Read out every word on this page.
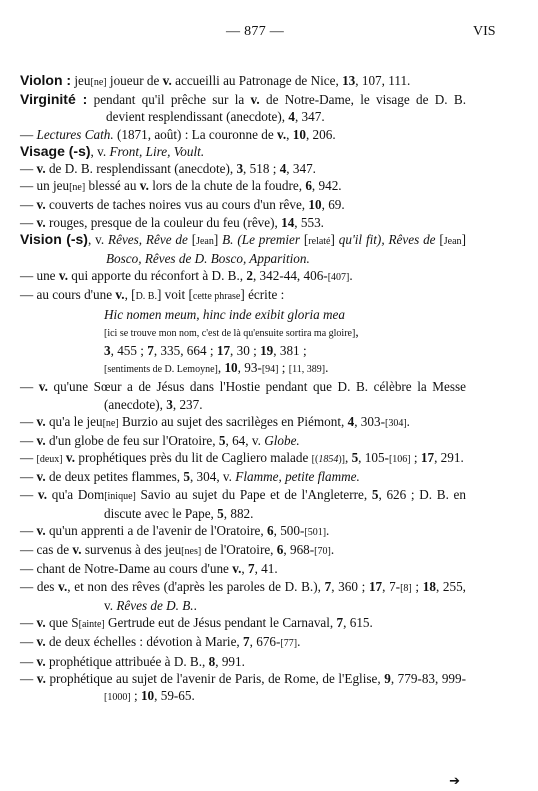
— 877 —	VIS
Violon : jeu[ne] joueur de v. accueilli au Patronage de Nice, 13, 107, 111.
Virginité : pendant qu'il prêche sur la v. de Notre-Dame, le visage de D. B. devient resplendissant (anecdote), 4, 347.
— Lectures Cath. (1871, août) : La couronne de v., 10, 206.
Visage (-s), v. Front, Lire, Voult.
— v. de D. B. resplendissant (anecdote), 3, 518 ; 4, 347.
— un jeu[ne] blessé au v. lors de la chute de la foudre, 6, 942.
— v. couverts de taches noires vus au cours d'un rêve, 10, 69.
— v. rouges, presque de la couleur du feu (rêve), 14, 553.
Vision (-s), v. Rêves, Rêve de [Jean] B. (Le premier [relaté] qu'il fit), Rêves de [Jean] Bosco, Rêves de D. Bosco, Apparition.
— une v. qui apporte du réconfort à D. B., 2, 342-44, 406-[407].
— au cours d'une v., [D. B.] voit [cette phrase] écrite :
Hic nomen meum, hinc inde exibit gloria mea
[ici se trouve mon nom, c'est de là qu'ensuite sortira ma gloire],
3, 455 ; 7, 335, 664 ; 17, 30 ; 19, 381 ;
[sentiments de D. Lemoyne], 10, 93-[94] ; [11, 389].
— v. qu'une Sœur a de Jésus dans l'Hostie pendant que D. B. célèbre la Messe (anecdote), 3, 237.
— v. qu'a le jeu[ne] Burzio au sujet des sacrilèges en Piémont, 4, 303-[304].
— v. d'un globe de feu sur l'Oratoire, 5, 64, v. Globe.
— [deux] v. prophétiques près du lit de Cagliero malade [(1854)], 5, 105-[106] ; 17, 291.
— v. de deux petites flammes, 5, 304, v. Flamme, petite flamme.
— v. qu'a Dom[inique] Savio au sujet du Pape et de l'Angleterre, 5, 626 ; D. B. en discute avec le Pape, 5, 882.
— v. qu'un apprenti a de l'avenir de l'Oratoire, 6, 500-[501].
— cas de v. survenus à des jeu[nes] de l'Oratoire, 6, 968-[70].
— chant de Notre-Dame au cours d'une v., 7, 41.
— des v., et non des rêves (d'après les paroles de D. B.), 7, 360 ; 17, 7-[8] ; 18, 255, v. Rêves de D. B..
— v. que S[ainte] Gertrude eut de Jésus pendant le Carnaval, 7, 615.
— v. de deux échelles : dévotion à Marie, 7, 676-[77].
— v. prophétique attribuée à D. B., 8, 991.
— v. prophétique au sujet de l'avenir de Paris, de Rome, de l'Eglise, 9, 779-83, 999-[1000] ; 10, 59-65.
➔
